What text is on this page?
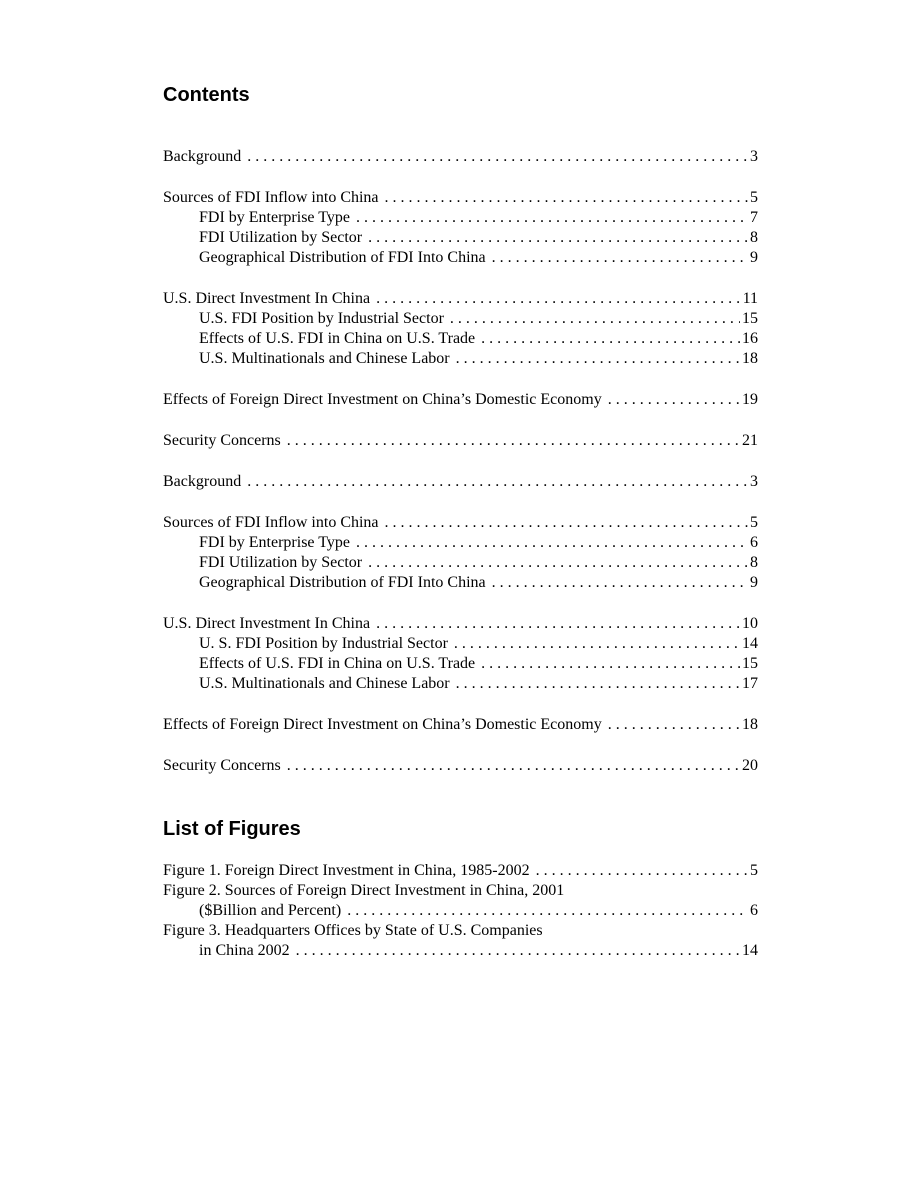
Contents
Background . . .	3
Sources of FDI Inflow into China . . .	5
FDI by Enterprise Type . . .	7
FDI Utilization by Sector . . .	8
Geographical Distribution of FDI Into China . . .	9
U.S. Direct Investment In China . . .	11
U.S. FDI Position by Industrial Sector . . .	15
Effects of U.S. FDI in China on U.S. Trade . . .	16
U.S. Multinationals and Chinese Labor . . .	18
Effects of Foreign Direct Investment on China’s Domestic Economy . . .	19
Security Concerns . . .	21
Background . . .	3
Sources of FDI Inflow into China . . .	5
FDI by Enterprise Type . . .	6
FDI Utilization by Sector . . .	8
Geographical Distribution of FDI Into China . . .	9
U.S. Direct Investment In China . . .	10
U. S. FDI Position by Industrial Sector . . .	14
Effects of U.S. FDI in China on U.S. Trade . . .	15
U.S. Multinationals and Chinese Labor . . .	17
Effects of Foreign Direct Investment on China’s Domestic Economy . . .	18
Security Concerns . . .	20
List of Figures
Figure 1. Foreign Direct Investment in China, 1985-2002 . . .	5
Figure 2. Sources of Foreign Direct Investment in China, 2001
($Billion and Percent) . . .	6
Figure 3. Headquarters Offices by State of U.S. Companies
in China 2002 . . .	14
